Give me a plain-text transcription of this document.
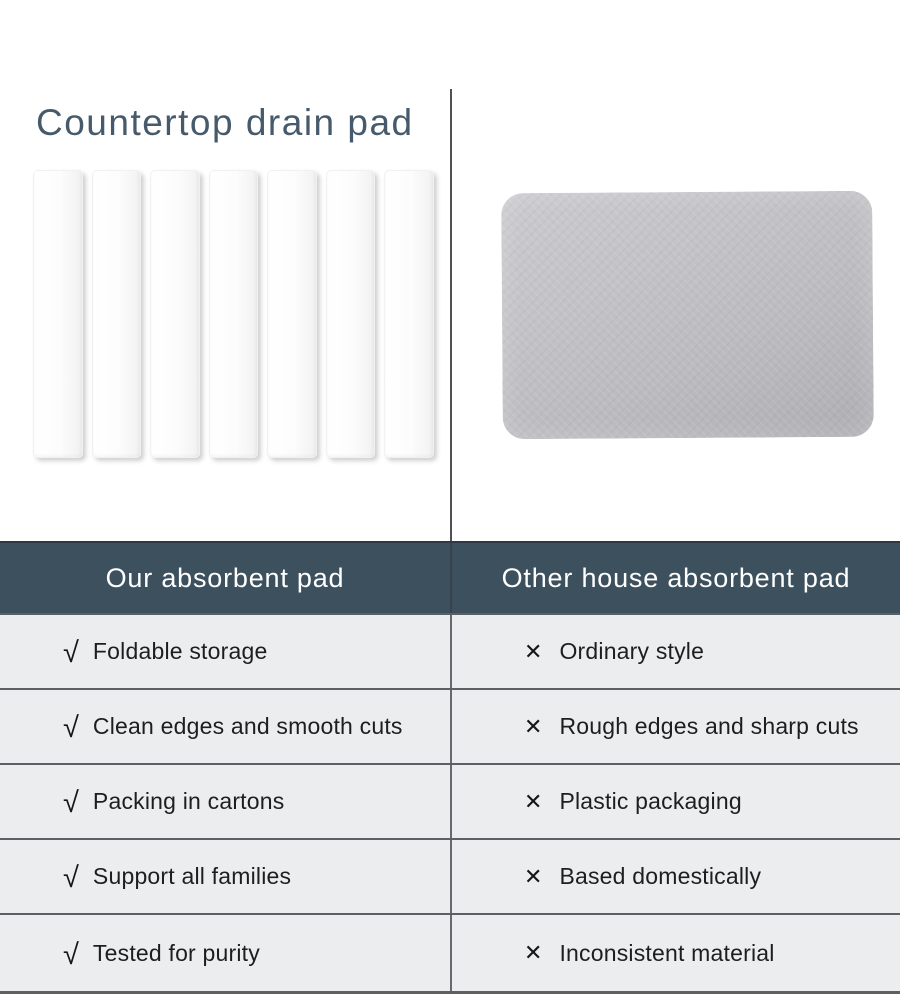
Countertop drain pad
Our absorbent pad	Other house absorbent pad
√ Foldable storage	✕ Ordinary style
√ Clean edges and smooth cuts	✕ Rough edges and sharp cuts
√ Packing in cartons	✕ Plastic packaging
√ Support all families	✕ Based domestically
√ Tested for purity	✕ Inconsistent material
